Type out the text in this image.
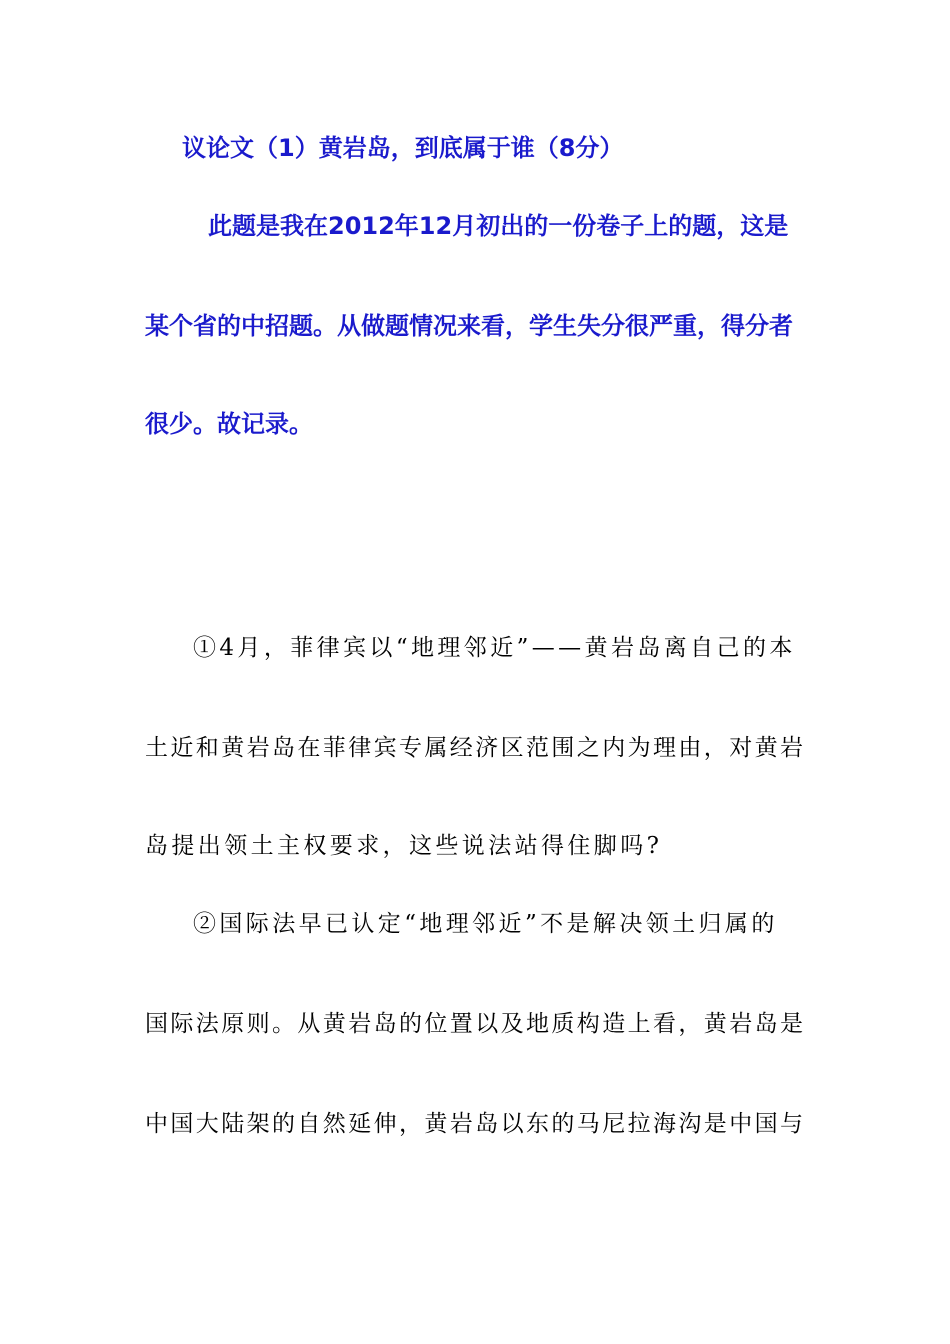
议论文（1）黄岩岛，到底属于谁（8分）
此题是我在2012年12月初出的一份卷子上的题，这是
某个省的中招题。从做题情况来看，学生失分很严重，得分者
很少。故记录。
①4月，菲律宾以“地理邻近”——黄岩岛离自己的本
土近和黄岩岛在菲律宾专属经济区范围之内为理由，对黄岩
岛提出领土主权要求，这些说法站得住脚吗?
②国际法早已认定“地理邻近”不是解决领土归属的
国际法原则。从黄岩岛的位置以及地质构造上看，黄岩岛是
中国大陆架的自然延伸，黄岩岛以东的马尼拉海沟是中国与
